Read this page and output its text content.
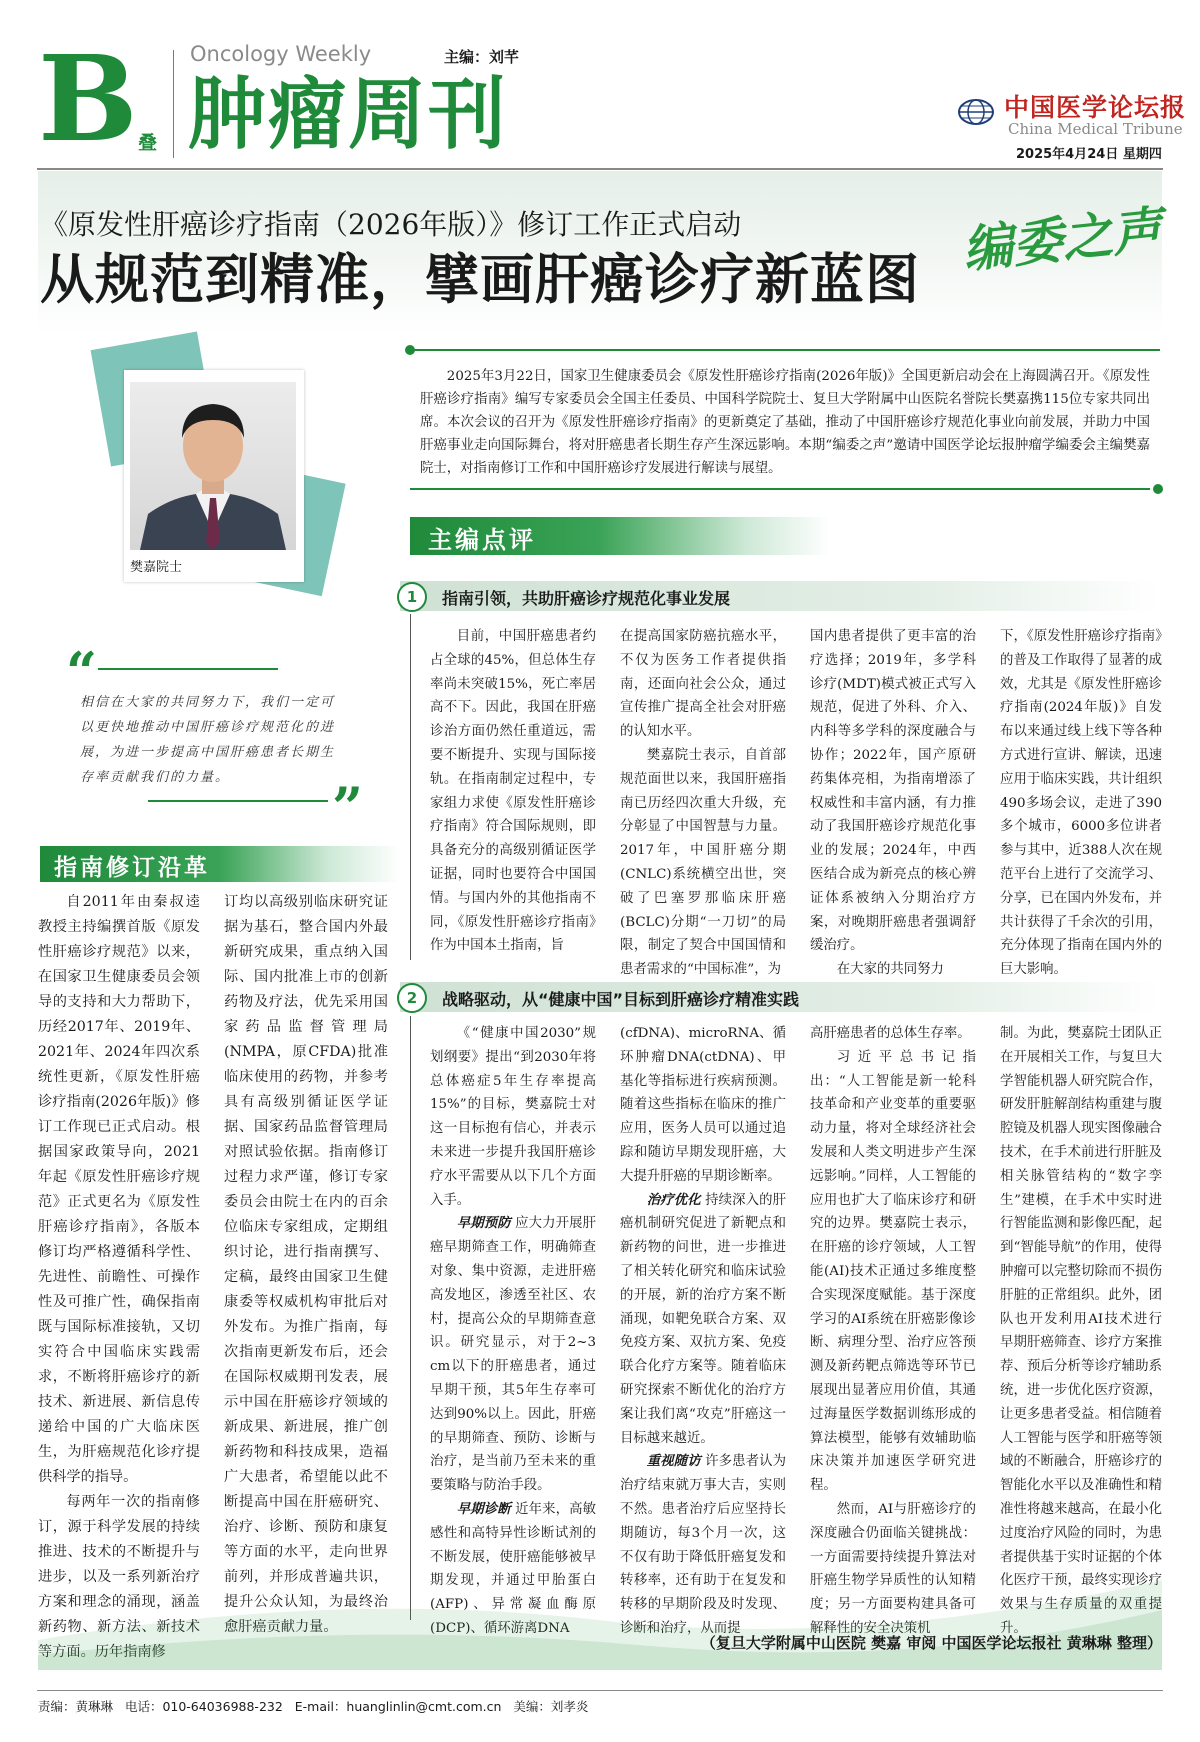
B 叠
Oncology Weekly
肿瘤周刊
主编：刘芊
中国医学论坛报
China Medical Tribune
2025年4月24日 星期四
《原发性肝癌诊疗指南（2026年版）》修订工作正式启动
从规范到精准，擘画肝癌诊疗新蓝图
编委之声

2025年3月22日，国家卫生健康委员会《原发性肝癌诊疗指南(2026年版)》全国更新启动会在上海圆满召开。《原发性肝癌诊疗指南》编写专家委员会全国主任委员、中国科学院院士、复旦大学附属中山医院名誉院长樊嘉携115位专家共同出席。本次会议的召开为《原发性肝癌诊疗指南》的更新奠定了基础，推动了中国肝癌诊疗规范化事业向前发展，并助力中国肝癌事业走向国际舞台，将对肝癌患者长期生存产生深远影响。本期“编委之声”邀请中国医学论坛报肿瘤学编委会主编樊嘉院士，对指南修订工作和中国肝癌诊疗发展进行解读与展望。

樊嘉院士
“
相信在大家的共同努力下，我们一定可以更快地推动中国肝癌诊疗规范化的进展，为进一步提高中国肝癌患者长期生存率贡献我们的力量。	”
指南修订沿革

自2011年由秦叔逵教授主持编撰首版《原发性肝癌诊疗规范》以来，在国家卫生健康委员会领导的支持和大力帮助下，历经2017年、2019年、2021年、2024年四次系统性更新，《原发性肝癌诊疗指南(2026年版)》修订工作现已正式启动。根据国家政策导向，2021年起《原发性肝癌诊疗规范》正式更名为《原发性肝癌诊疗指南》，各版本修订均严格遵循科学性、先进性、前瞻性、可操作性及可推广性，确保指南既与国际标准接轨，又切实符合中国临床实践需求，不断将肝癌诊疗的新技术、新进展、新信息传递给中国的广大临床医生，为肝癌规范化诊疗提供科学的指导。

每两年一次的指南修订，源于科学发展的持续推进、技术的不断提升与进步，以及一系列新治疗方案和理念的涌现，涵盖新药物、新方法、新技术等方面。历年指南修

订均以高级别临床研究证据为基石，整合国内外最新研究成果，重点纳入国际、国内批准上市的创新药物及疗法，优先采用国家药品监督管理局(NMPA，原CFDA)批准临床使用的药物，并参考具有高级别循证医学证据、国家药品监督管理局对照试验依据。指南修订过程力求严谨，修订专家委员会由院士在内的百余位临床专家组成，定期组织讨论，进行指南撰写、定稿，最终由国家卫生健康委等权威机构审批后对外发布。为推广指南，每次指南更新发布后，还会在国际权威期刊发表，展示中国在肝癌诊疗领域的新成果、新进展，推广创新药物和科技成果，造福广大患者，希望能以此不断提高中国在肝癌研究、治疗、诊断、预防和康复等方面的水平，走向世界前列，并形成普遍共识，提升公众认知，为最终治愈肝癌贡献力量。

主编点评
1	指南引领，共助肝癌诊疗规范化事业发展

目前，中国肝癌患者约占全球的45%，但总体生存率尚未突破15%，死亡率居高不下。因此，我国在肝癌诊治方面仍然任重道远，需要不断提升、实现与国际接轨。在指南制定过程中，专家组力求使《原发性肝癌诊疗指南》符合国际规则，即具备充分的高级别循证医学证据，同时也要符合中国国情。与国内外的其他指南不同，《原发性肝癌诊疗指南》作为中国本土指南，旨

在提高国家防癌抗癌水平，不仅为医务工作者提供指南，还面向社会公众，通过宣传推广提高全社会对肝癌的认知水平。

樊嘉院士表示，自首部规范面世以来，我国肝癌指南已历经四次重大升级，充分彰显了中国智慧与力量。2017年，中国肝癌分期(CNLC)系统横空出世，突破了巴塞罗那临床肝癌(BCLC)分期“一刀切”的局限，制定了契合中国国情和患者需求的“中国标准”，为

国内患者提供了更丰富的治疗选择；2019年，多学科诊疗(MDT)模式被正式写入规范，促进了外科、介入、内科等多学科的深度融合与协作；2022年，国产原研药集体亮相，为指南增添了权威性和丰富内涵，有力推动了我国肝癌诊疗规范化事业的发展；2024年，中西医结合成为新亮点的核心辨证体系被纳入分期治疗方案，对晚期肝癌患者强调舒缓治疗。

在大家的共同努力

下，《原发性肝癌诊疗指南》的普及工作取得了显著的成效，尤其是《原发性肝癌诊疗指南(2024年版)》自发布以来通过线上线下等各种方式进行宣讲、解读，迅速应用于临床实践，共计组织490多场会议，走进了390多个城市，6000多位讲者参与其中，近388人次在规范平台上进行了交流学习、分享，已在国内外发布，并共计获得了千余次的引用，充分体现了指南在国内外的巨大影响。

2	战略驱动，从“健康中国”目标到肝癌诊疗精准实践

《“健康中国2030”规划纲要》提出“到2030年将总体癌症5年生存率提高15%”的目标，樊嘉院士对这一目标抱有信心，并表示未来进一步提升我国肝癌诊疗水平需要从以下几个方面入手。

早期预防 应大力开展肝癌早期筛查工作，明确筛查对象、集中资源，走进肝癌高发地区，渗透至社区、农村，提高公众的早期筛查意识。研究显示，对于2~3 cm以下的肝癌患者，通过早期干预，其5年生存率可达到90%以上。因此，肝癌的早期筛查、预防、诊断与治疗，是当前乃至未来的重要策略与防治手段。

早期诊断 近年来，高敏感性和高特异性诊断试剂的不断发展，使肝癌能够被早期发现，并通过甲胎蛋白(AFP)、异常凝血酶原(DCP)、循环游离DNA

(cfDNA)、microRNA、循环肿瘤DNA(ctDNA)、甲基化等指标进行疾病预测。随着这些指标在临床的推广应用，医务人员可以通过追踪和随访早期发现肝癌，大大提升肝癌的早期诊断率。

治疗优化 持续深入的肝癌机制研究促进了新靶点和新药物的问世，进一步推进了相关转化研究和临床试验的开展，新的治疗方案不断涌现，如靶免联合方案、双免疫方案、双抗方案、免疫联合化疗方案等。随着临床研究探索不断优化的治疗方案让我们离“攻克”肝癌这一目标越来越近。

重视随访 许多患者认为治疗结束就万事大吉，实则不然。患者治疗后应坚持长期随访，每3个月一次，这不仅有助于降低肝癌复发和转移率，还有助于在复发和转移的早期阶段及时发现、诊断和治疗，从而提

高肝癌患者的总体生存率。

习近平总书记指出：“人工智能是新一轮科技革命和产业变革的重要驱动力量，将对全球经济社会发展和人类文明进步产生深远影响。”同样，人工智能的应用也扩大了临床诊疗和研究的边界。樊嘉院士表示，在肝癌的诊疗领域，人工智能(AI)技术正通过多维度整合实现深度赋能。基于深度学习的AI系统在肝癌影像诊断、病理分型、治疗应答预测及新药靶点筛选等环节已展现出显著应用价值，其通过海量医学数据训练形成的算法模型，能够有效辅助临床决策并加速医学研究进程。

然而，AI与肝癌诊疗的深度融合仍面临关键挑战：一方面需要持续提升算法对肝癌生物学异质性的认知精度；另一方面要构建具备可解释性的安全决策机

制。为此，樊嘉院士团队正在开展相关工作，与复旦大学智能机器人研究院合作，研发肝脏解剖结构重建与腹腔镜及机器人现实图像融合技术，在手术前进行肝脏及相关脉管结构的“数字孪生”建模，在手术中实时进行智能监测和影像匹配，起到“智能导航”的作用，使得肿瘤可以完整切除而不损伤肝脏的正常组织。此外，团队也开发利用AI技术进行早期肝癌筛查、诊疗方案推荐、预后分析等诊疗辅助系统，进一步优化医疗资源，让更多患者受益。相信随着人工智能与医学和肝癌等领域的不断融合，肝癌诊疗的智能化水平以及准确性和精准性将越来越高，在最小化过度治疗风险的同时，为患者提供基于实时证据的个体化医疗干预，最终实现诊疗效果与生存质量的双重提升。

（复旦大学附属中山医院 樊嘉 审阅 中国医学论坛报社 黄琳琳 整理）
责编：黄琳琳 电话：010-64036988-232 E-mail：huanglinlin@cmt.com.cn 美编：刘孝炎
